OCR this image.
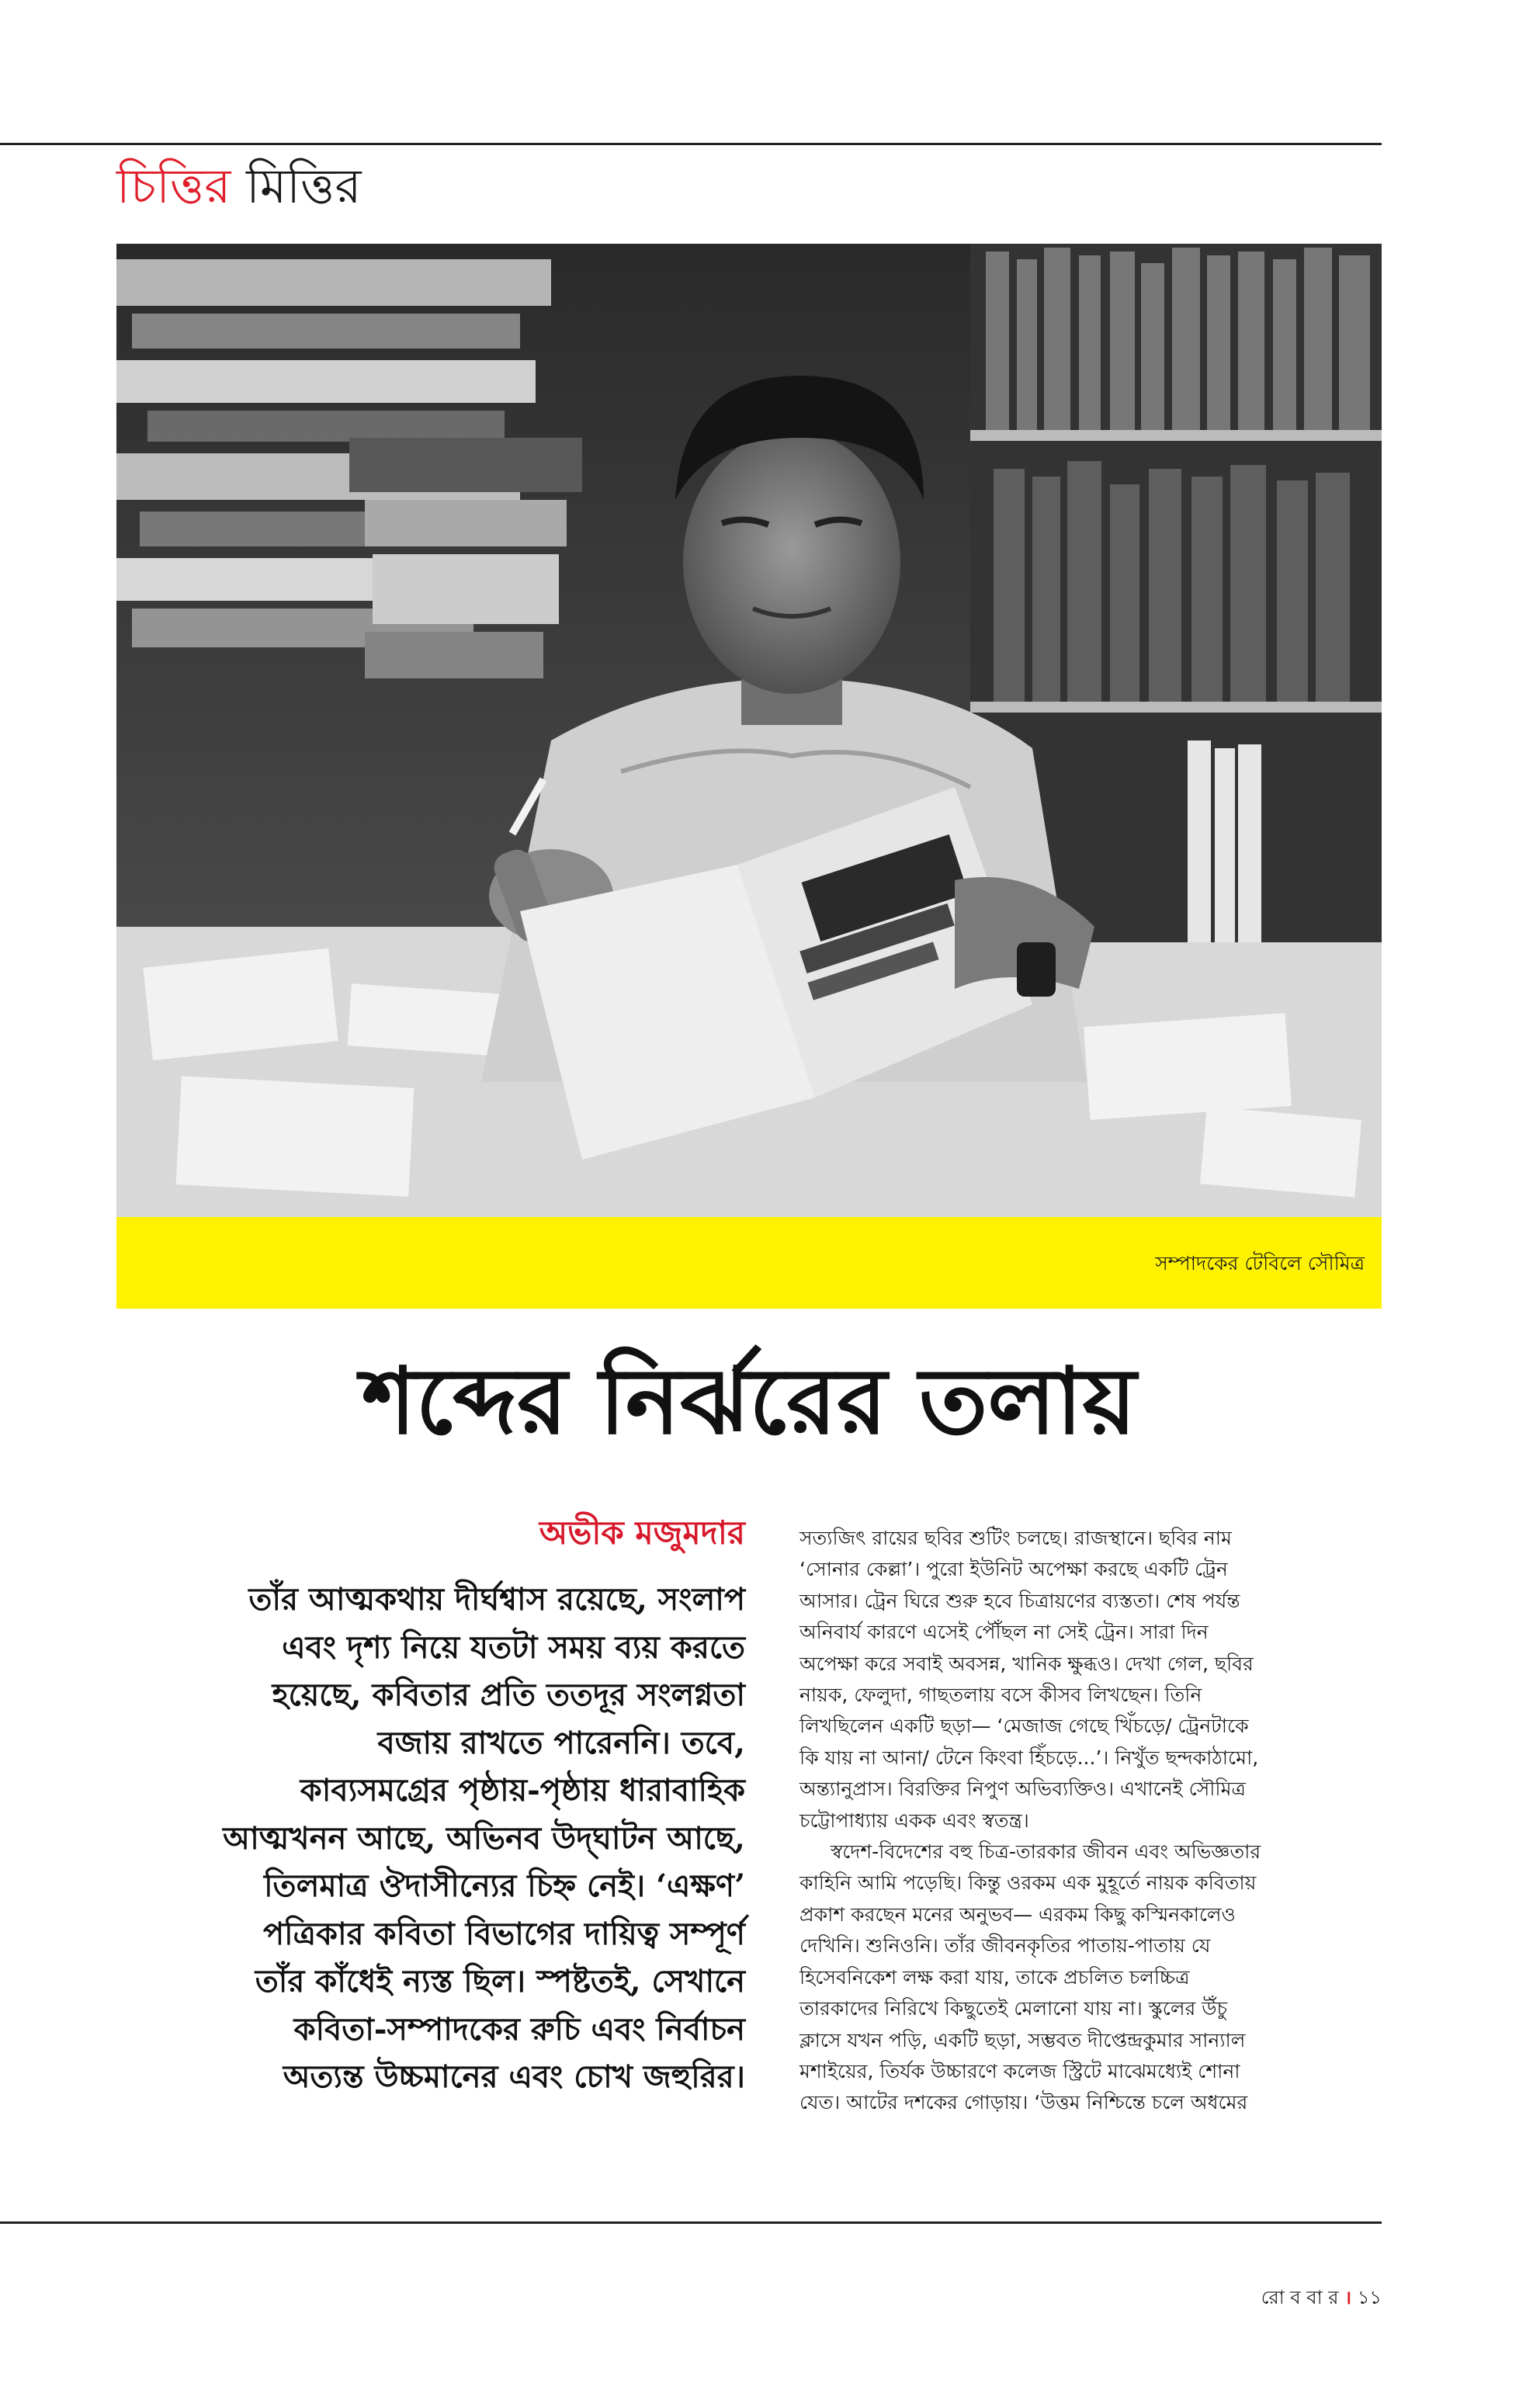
চিত্তির মিত্তির
সম্পাদকের টেবিলে সৌমিত্র
শব্দের নির্ঝরের তলায়
অভীক মজুমদার
তাঁর আত্মকথায় দীর্ঘশ্বাস রয়েছে, সংলাপ
এবং দৃশ্য নিয়ে যতটা সময় ব্যয় করতে
হয়েছে, কবিতার প্রতি ততদূর সংলগ্নতা
বজায় রাখতে পারেননি। তবে,
কাব্যসমগ্রের পৃষ্ঠায়-পৃষ্ঠায় ধারাবাহিক
আত্মখনন আছে, অভিনব উদ্‌ঘাটন আছে,
তিলমাত্র ঔদাসীন্যের চিহ্ন নেই। ‘এক্ষণ’
পত্রিকার কবিতা বিভাগের দায়িত্ব সম্পূর্ণ
তাঁর কাঁধেই ন্যস্ত ছিল। স্পষ্টতই, সেখানে
কবিতা-সম্পাদকের রুচি এবং নির্বাচন
অত্যন্ত উচ্চমানের এবং চোখ জহুরির।
সত্যজিৎ রায়ের ছবির শুটিং চলছে। রাজস্থানে। ছবির নাম
‘সোনার কেল্লা’। পুরো ইউনিট অপেক্ষা করছে একটি ট্রেন
আসার। ট্রেন ঘিরে শুরু হবে চিত্রায়ণের ব্যস্ততা। শেষ পর্যন্ত
অনিবার্য কারণে এসেই পৌঁছল না সেই ট্রেন। সারা দিন
অপেক্ষা করে সবাই অবসন্ন, খানিক ক্ষুব্ধও। দেখা গেল, ছবির
নায়ক, ফেলুদা, গাছতলায় বসে কীসব লিখছেন। তিনি
লিখছিলেন একটি ছড়া— ‘মেজাজ গেছে খিঁচড়ে/ ট্রেনটাকে
কি যায় না আনা/ টেনে কিংবা হিঁচড়ে...’। নিখুঁত ছন্দকাঠামো,
অন্ত্যানুপ্রাস। বিরক্তির নিপুণ অভিব্যক্তিও। এখানেই সৌমিত্র
চট্টোপাধ্যায় একক এবং স্বতন্ত্র।
স্বদেশ-বিদেশের বহু চিত্র-তারকার জীবন এবং অভিজ্ঞতার
কাহিনি আমি পড়েছি। কিন্তু ওরকম এক মুহূর্তে নায়ক কবিতায়
প্রকাশ করছেন মনের অনুভব— এরকম কিছু কস্মিনকালেও
দেখিনি। শুনিওনি। তাঁর জীবনকৃতির পাতায়-পাতায় যে
হিসেবনিকেশ লক্ষ করা যায়, তাকে প্রচলিত চলচ্চিত্র
তারকাদের নিরিখে কিছুতেই মেলানো যায় না। স্কুলের উঁচু
ক্লাসে যখন পড়ি, একটি ছড়া, সম্ভবত দীপ্তেন্দ্রকুমার সান্যাল
মশাইয়ের, তির্যক উচ্চারণে কলেজ স্ট্রিটে মাঝেমধ্যেই শোনা
যেত। আটের দশকের গোড়ায়। ‘উত্তম নিশ্চিন্তে চলে অধমের
রো ব বা র । ১১
